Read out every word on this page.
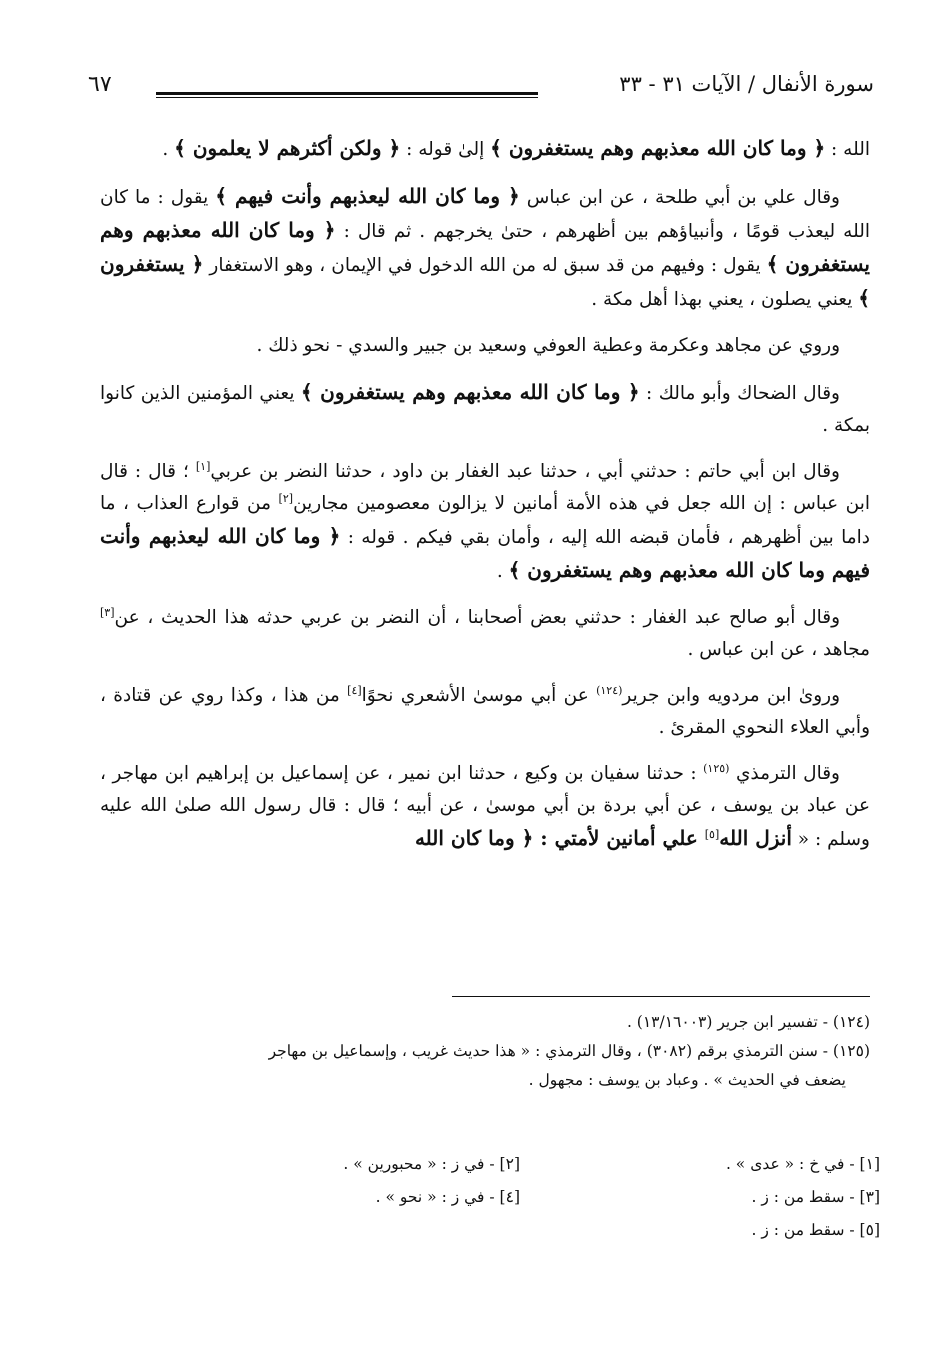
سورة الأنفال / الآيات ٣١ - ٣٣
٦٧

الله : ﴿ وما كان الله معذبهم وهم يستغفرون ﴾ إلىٰ قوله : ﴿ ولكن أكثرهم لا يعلمون ﴾ .

وقال علي بن أبي طلحة ، عن ابن عباس ﴿ وما كان الله ليعذبهم وأنت فيهم ﴾ يقول : ما كان الله ليعذب قومًا ، وأنبياؤهم بين أظهرهم ، حتىٰ يخرجهم . ثم قال : ﴿ وما كان الله معذبهم وهم يستغفرون ﴾ يقول : وفيهم من قد سبق له من الله الدخول في الإيمان ، وهو الاستغفار ﴿ يستغفرون ﴾ يعني يصلون ، يعني بهذا أهل مكة .

وروي عن مجاهد وعكرمة وعطية العوفي وسعيد بن جبير والسدي - نحو ذلك .

وقال الضحاك وأبو مالك : ﴿ وما كان الله معذبهم وهم يستغفرون ﴾ يعني المؤمنين الذين كانوا بمكة .

وقال ابن أبي حاتم : حدثني أبي ، حدثنا عبد الغفار بن داود ، حدثنا النضر بن عربي[١] ؛ قال : قال ابن عباس : إن الله جعل في هذه الأمة أمانين لا يزالون معصومين مجارين[٢] من قوارع العذاب ، ما داما بين أظهرهم ، فأمان قبضه الله إليه ، وأمان بقي فيكم . قوله : ﴿ وما كان الله ليعذبهم وأنت فيهم وما كان الله معذبهم وهم يستغفرون ﴾ .

وقال أبو صالح عبد الغفار : حدثني بعض أصحابنا ، أن النضر بن عربي حدثه هذا الحديث ، عن[٣] مجاهد ، عن ابن عباس .

ورویٰ ابن مردويه وابن جرير$^{(١٢٤)}$ عن أبي موسىٰ الأشعري نحوًا[٤] من هذا ، وكذا روي عن قتادة ، وأبي العلاء النحوي المقرئ .

وقال الترمذي $^{(١٢٥)}$ : حدثنا سفيان بن وكيع ، حدثنا ابن نمير ، عن إسماعيل بن إبراهيم ابن مهاجر ، عن عباد بن يوسف ، عن أبي بردة بن أبي موسىٰ ، عن أبيه ؛ قال : قال رسول الله صلىٰ الله عليه وسلم : « أنزل الله[٥] علي أمانين لأمتي : ﴿ وما كان الله

(١٢٤) - تفسير ابن جرير (١٣/١٦٠٠٣) .

(١٢٥) - سنن الترمذي برقم (٣٠٨٢) ، وقال الترمذي : « هذا حديث غريب ، وإسماعيل بن مهاجر

يضعف في الحديث » . وعباد بن يوسف : مجهول .

[١] - في خ : « عدى » .

[٣] - سقط من : ز .

[٥] - سقط من : ز .

[٢] - في ز : « محبورين » .

[٤] - في ز : « نحو » .
